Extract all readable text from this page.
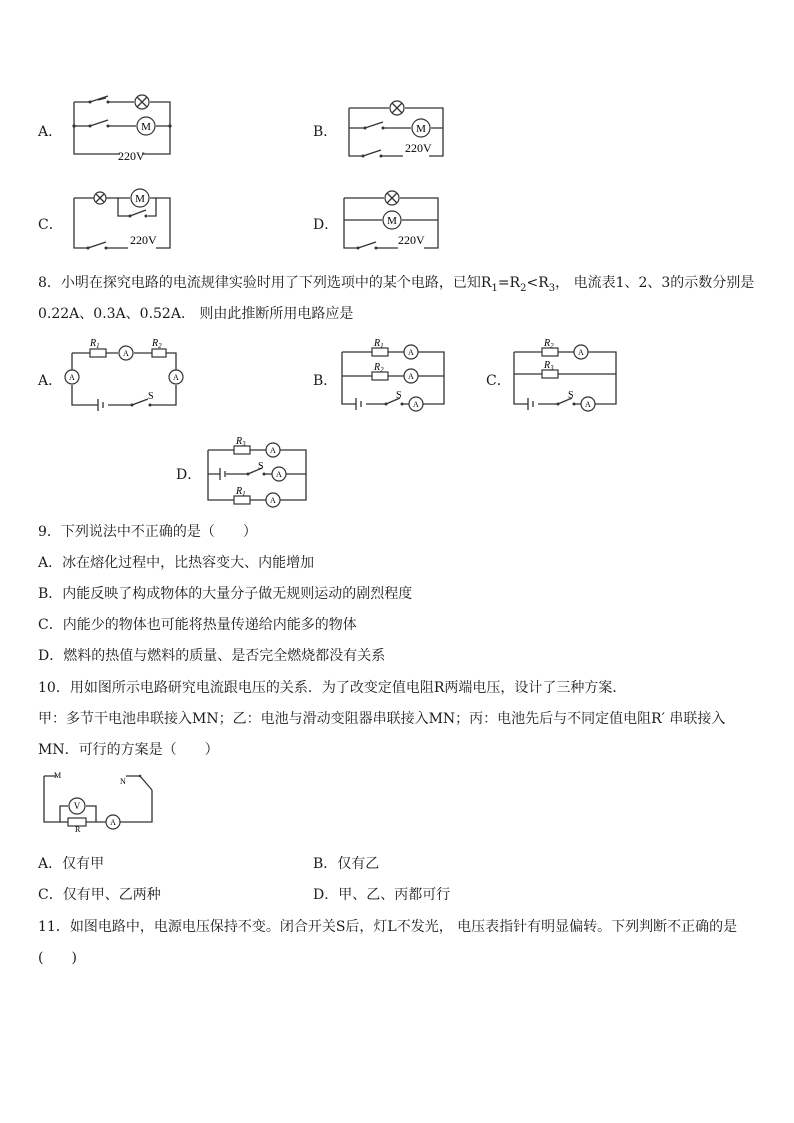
A．	M
220V
B．	M
220V
C．
M
220V
D．	M
220V
8．小明在探究电路的电流规律实验时用了下列选项中的某个电路，已知$R_1=R_2<R_3$， 电流表1、2、3的示数分别是
0.22A、0.3A、0.52A． 则由此推断所用电路应是
A．
$R_1$
A
$R_2$
A	A
S
B．
$R_1$
A
$R_2$
A
S
A
C．
$R_2$
A
$R_3$
S
A
D．
$R_3$
A
S
A
$R_1$
A
9．下列说法中不正确的是（　　）
A．冰在熔化过程中，比热容变大、内能增加
B．内能反映了构成物体的大量分子做无规则运动的剧烈程度
C．内能少的物体也可能将热量传递给内能多的物体
D．燃料的热值与燃料的质量、是否完全燃烧都没有关系
10．用如图所示电路研究电流跟电压的关系．为了改变定值电阻R两端电压，设计了三种方案．
甲：多节干电池串联接入MN；乙：电池与滑动变阻器串联接入MN；丙：电池先后与不同定值电阻R′ 串联接入
MN．可行的方案是（　　）
V
R
A
M
N
A．仅有甲	B．仅有乙
C．仅有甲、乙两种	D．甲、乙、丙都可行
11．如图电路中，电源电压保持不变。闭合开关S后，灯L不发光， 电压表指针有明显偏转。下列判断不正确的是
(　　)
